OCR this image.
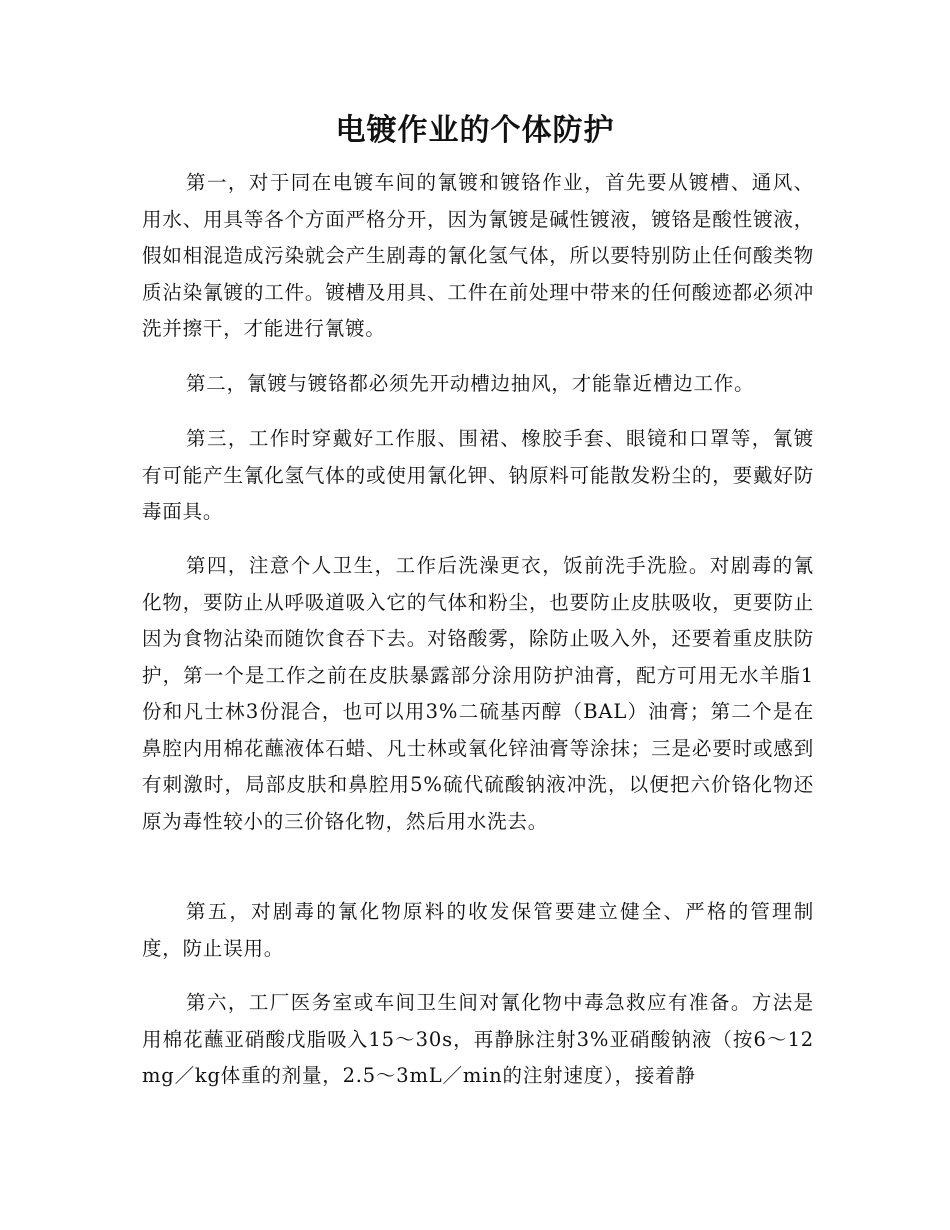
电镀作业的个体防护

第一，对于同在电镀车间的氰镀和镀铬作业，首先要从镀槽、通风、用水、用具等各个方面严格分开，因为氰镀是碱性镀液，镀铬是酸性镀液，假如相混造成污染就会产生剧毒的氰化氢气体，所以要特别防止任何酸类物质沾染氰镀的工件。镀槽及用具、工件在前处理中带来的任何酸迹都必须冲洗并擦干，才能进行氰镀。

第二，氰镀与镀铬都必须先开动槽边抽风，才能靠近槽边工作。

第三，工作时穿戴好工作服、围裙、橡胶手套、眼镜和口罩等，氰镀有可能产生氰化氢气体的或使用氰化钾、钠原料可能散发粉尘的，要戴好防毒面具。

第四，注意个人卫生，工作后洗澡更衣，饭前洗手洗脸。对剧毒的氰化物，要防止从呼吸道吸入它的气体和粉尘，也要防止皮肤吸收，更要防止因为食物沾染而随饮食吞下去。对铬酸雾，除防止吸入外，还要着重皮肤防护，第一个是工作之前在皮肤暴露部分涂用防护油膏，配方可用无水羊脂1份和凡士林3份混合，也可以用3%二硫基丙醇（BAL）油膏；第二个是在鼻腔内用棉花蘸液体石蜡、凡士林或氧化锌油膏等涂抹；三是必要时或感到有刺激时，局部皮肤和鼻腔用5%硫代硫酸钠液冲洗，以便把六价铬化物还原为毒性较小的三价铬化物，然后用水洗去。

第五，对剧毒的氰化物原料的收发保管要建立健全、严格的管理制度，防止误用。

第六，工厂医务室或车间卫生间对氰化物中毒急救应有准备。方法是用棉花蘸亚硝酸戊脂吸入15～30s，再静脉注射3%亚硝酸钠液（按6～12mg／kg体重的剂量，2.5～3mL／min的注射速度），接着静
